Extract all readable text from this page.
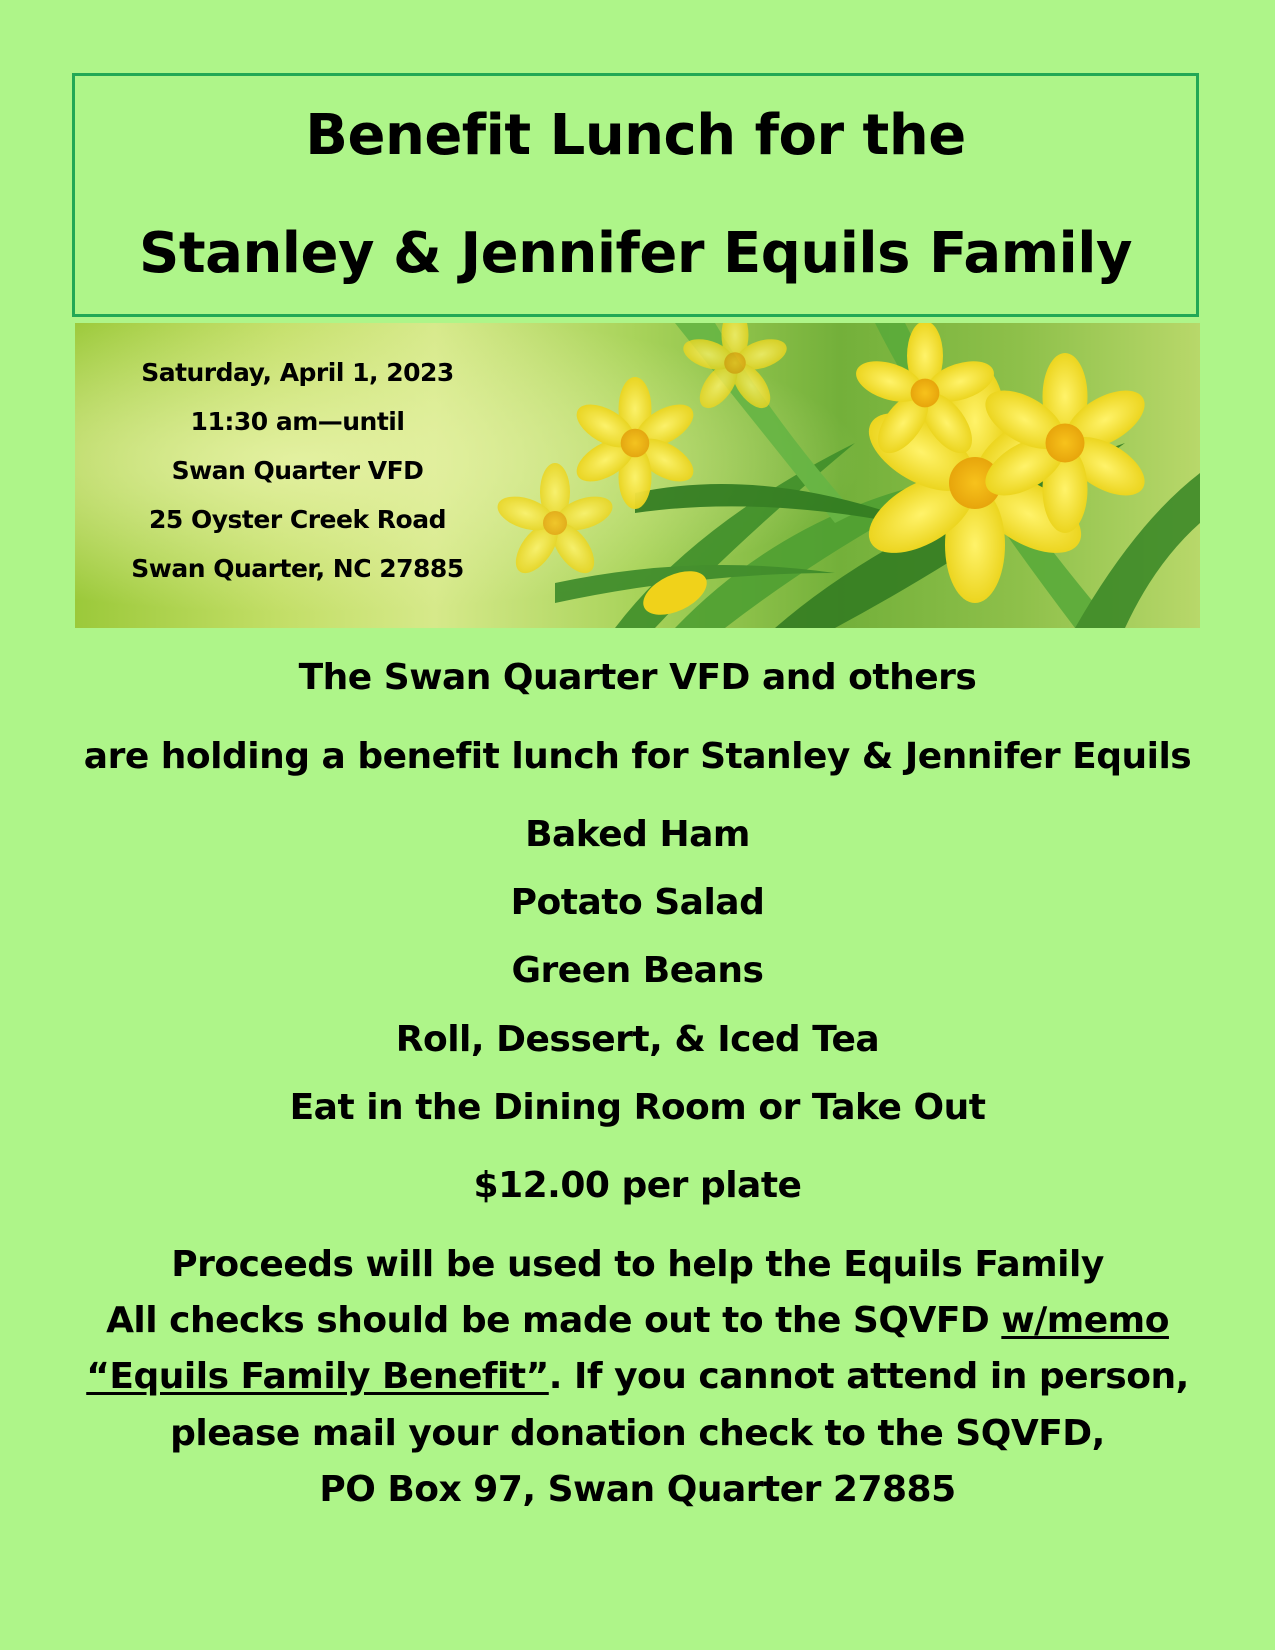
Benefit Lunch for the
Stanley & Jennifer Equils Family
Saturday, April 1, 2023
11:30 am—until
Swan Quarter VFD
25 Oyster Creek Road
Swan Quarter, NC 27885
The Swan Quarter VFD and others
are holding a benefit lunch for Stanley & Jennifer Equils
Baked Ham
Potato Salad
Green Beans
Roll, Dessert, & Iced Tea
Eat in the Dining Room or Take Out
$12.00 per plate
Proceeds will be used to help the Equils Family
All checks should be made out to the SQVFD w/memo
“Equils Family Benefit”. If you cannot attend in person,
please mail your donation check to the SQVFD,
PO Box 97, Swan Quarter 27885
